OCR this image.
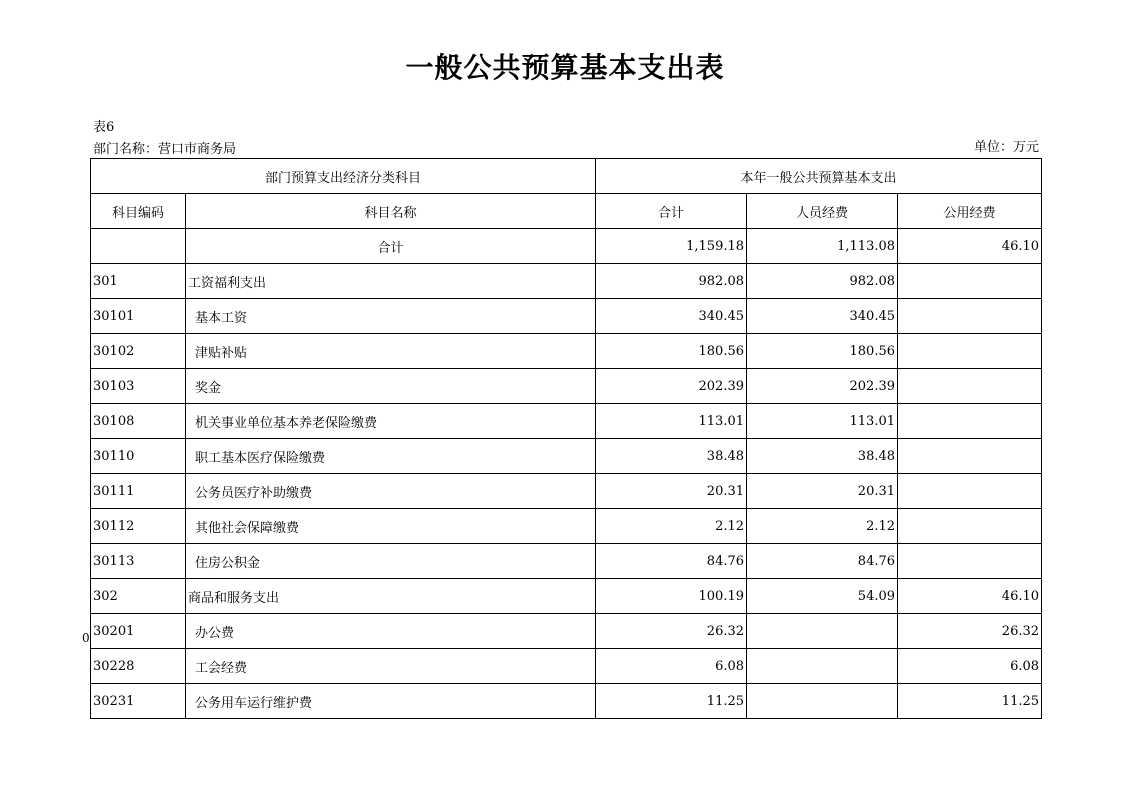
一般公共预算基本支出表
表6
部门名称：营口市商务局	单位：万元
0
部门预算支出经济分类科目		本年一般公共预算基本支出		
科目编码	科目名称	合计	人员经费	公用经费
	合计	1,159.18	1,113.08	46.10
301	工资福利支出	982.08	982.08	
30101	基本工资	340.45	340.45	
30102	津贴补贴	180.56	180.56	
30103	奖金	202.39	202.39	
30108	机关事业单位基本养老保险缴费	113.01	113.01	
30110	职工基本医疗保险缴费	38.48	38.48	
30111	公务员医疗补助缴费	20.31	20.31	
30112	其他社会保障缴费	2.12	2.12	
30113	住房公积金	84.76	84.76	
302	商品和服务支出	100.19	54.09	46.10
30201	办公费	26.32		26.32
30228	工会经费	6.08		6.08
30231	公务用车运行维护费	11.25		11.25
